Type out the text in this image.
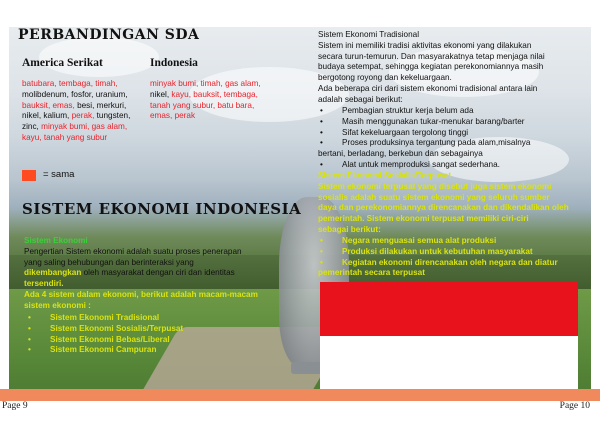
PERBANDINGAN SDA
America Serikat
batubara, tembaga, timah,
molibdenum, fosfor, uranium,
bauksit, emas, besi, merkuri,
nikel, kalium, perak, tungsten,
zinc, minyak bumi, gas alam,
kayu, tanah yang subur
Indonesia
minyak bumi, timah, gas alam,
nikel, kayu, bauksit, tembaga,
tanah yang subur, batu bara,
emas, perak
= sama
SISTEM EKONOMI INDONESIA
Sistem Ekonomi
Pengertian Sistem ekonomi adalah suatu proses penerapan
yang saling behubungan dan berinteraksi yang
dikembangkan oleh masyarakat dengan ciri dan identitas
tersendiri.
Ada 4 sistem dalam ekonomi, berikut adalah macam-macam
sistem ekonomi :
• Sistem Ekonomi Tradisional
• Sistem Ekonomi Sosialis/Terpusat
• Sistem Ekonomi Bebas/Liberal
• Sistem Ekonomi Campuran
Sistem Ekonomi Tradisional
Sistem ini memiliki tradisi aktivitas ekonomi yang dilakukan
secara turun-temurun. Dan masyarakatnya tetap menjaga nilai
budaya setempat, sehingga kegiatan perekonomiannya masih
bergotong royong dan kekeluargaan.
Ada beberapa ciri dari sistem ekonomi tradisional antara lain
adalah sebagai berikut:
• Pembagian struktur kerja belum ada
• Masih menggunakan tukar-menukar barang/barter
• Sifat kekeluargaan tergolong tinggi
• Proses produksinya tergantung pada alam,misalnya
bertani, berladang, berkebun dan sebagainya
• Alat untuk memproduksi sangat sederhana.
Sistem Ekonomi Sosialis/Terpusat
Sistem ekonomi terpusat yang disebut juga sistem ekonomi
sosialis adalah suatu sistem ekonomi yang seluruh sumber
daya dan perekonomiannya direncanakan dan dikendalikan oleh
pemerintah. Sistem ekonomi terpusat memiliki ciri-ciri
sebagai berikut:
• Negara menguasai semua alat produksi
• Produksi dilakukan untuk kebutuhan masyarakat
• Kegiatan ekonomi direncanakan oleh negara dan diatur
pemerintah secara terpusat
Page 9	Page 10
